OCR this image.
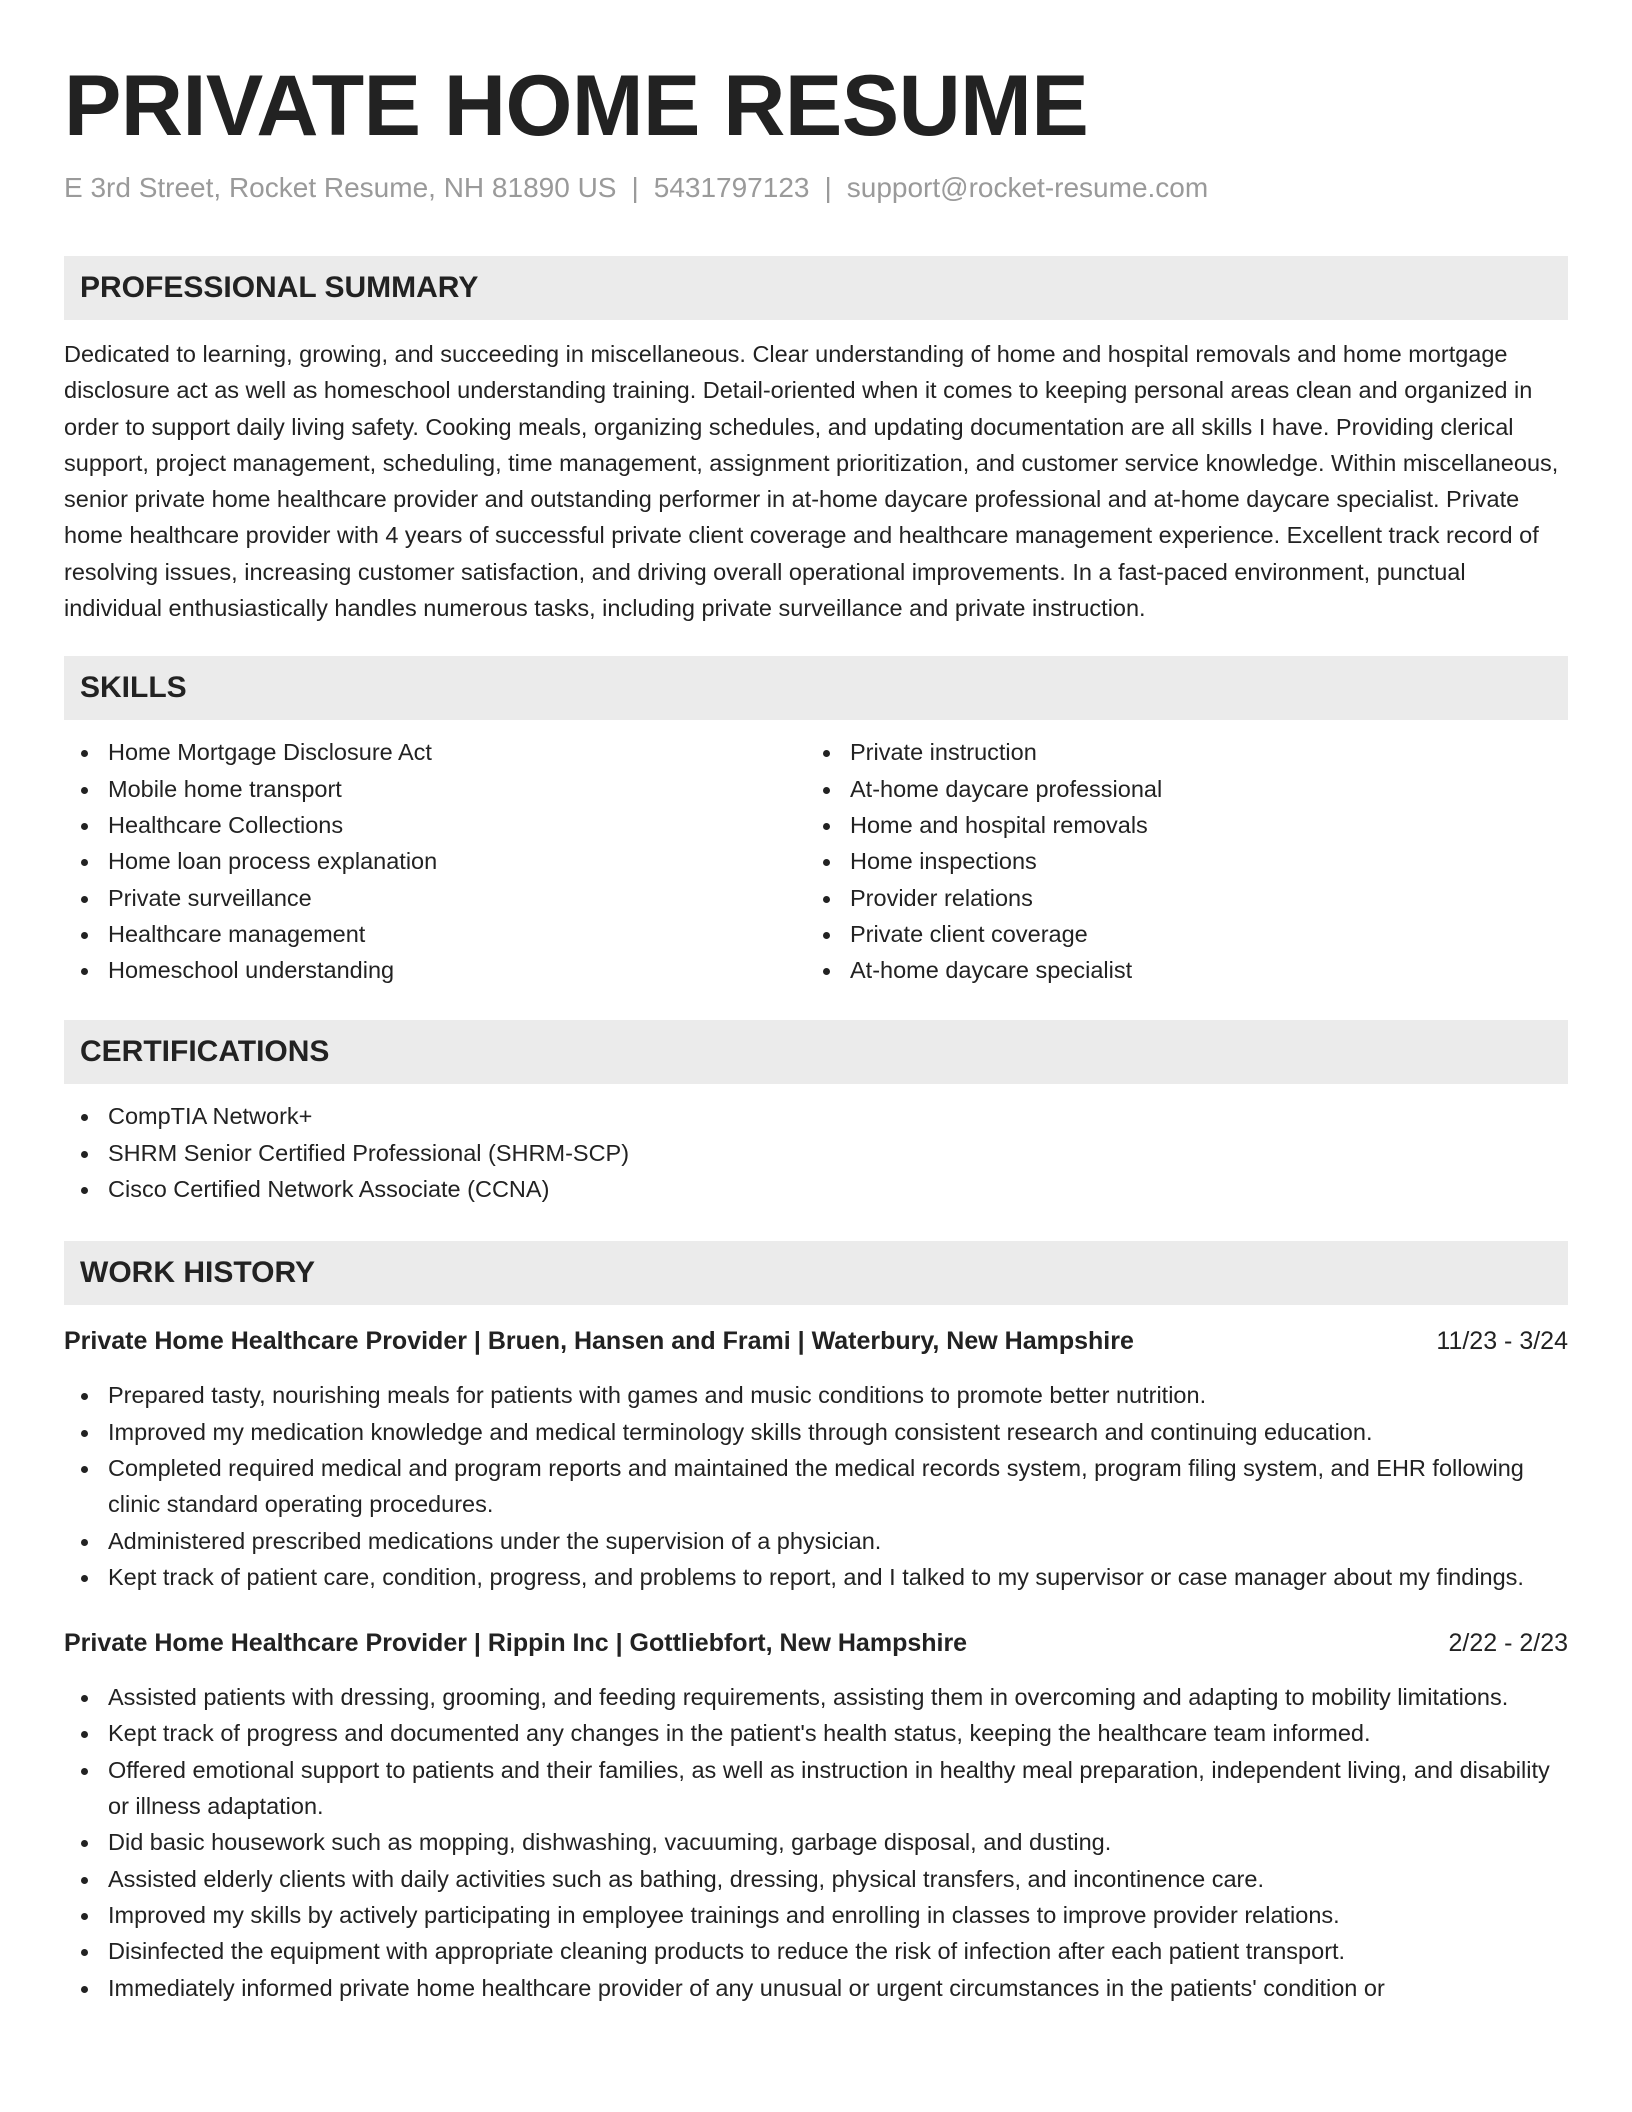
PRIVATE HOME RESUME
E 3rd Street, Rocket Resume, NH 81890 US | 5431797123 | support@rocket-resume.com
PROFESSIONAL SUMMARY
Dedicated to learning, growing, and succeeding in miscellaneous. Clear understanding of home and hospital removals and home mortgage disclosure act as well as homeschool understanding training. Detail-oriented when it comes to keeping personal areas clean and organized in order to support daily living safety. Cooking meals, organizing schedules, and updating documentation are all skills I have. Providing clerical support, project management, scheduling, time management, assignment prioritization, and customer service knowledge. Within miscellaneous, senior private home healthcare provider and outstanding performer in at-home daycare professional and at-home daycare specialist. Private home healthcare provider with 4 years of successful private client coverage and healthcare management experience. Excellent track record of resolving issues, increasing customer satisfaction, and driving overall operational improvements. In a fast-paced environment, punctual individual enthusiastically handles numerous tasks, including private surveillance and private instruction.
SKILLS
Home Mortgage Disclosure Act
Mobile home transport
Healthcare Collections
Home loan process explanation
Private surveillance
Healthcare management
Homeschool understanding
Private instruction
At-home daycare professional
Home and hospital removals
Home inspections
Provider relations
Private client coverage
At-home daycare specialist
CERTIFICATIONS
CompTIA Network+
SHRM Senior Certified Professional (SHRM-SCP)
Cisco Certified Network Associate (CCNA)
WORK HISTORY
Private Home Healthcare Provider | Bruen, Hansen and Frami | Waterbury, New Hampshire	11/23 - 3/24
Prepared tasty, nourishing meals for patients with games and music conditions to promote better nutrition.
Improved my medication knowledge and medical terminology skills through consistent research and continuing education.
Completed required medical and program reports and maintained the medical records system, program filing system, and EHR following clinic standard operating procedures.
Administered prescribed medications under the supervision of a physician.
Kept track of patient care, condition, progress, and problems to report, and I talked to my supervisor or case manager about my findings.
Private Home Healthcare Provider | Rippin Inc | Gottliebfort, New Hampshire	2/22 - 2/23
Assisted patients with dressing, grooming, and feeding requirements, assisting them in overcoming and adapting to mobility limitations.
Kept track of progress and documented any changes in the patient's health status, keeping the healthcare team informed.
Offered emotional support to patients and their families, as well as instruction in healthy meal preparation, independent living, and disability or illness adaptation.
Did basic housework such as mopping, dishwashing, vacuuming, garbage disposal, and dusting.
Assisted elderly clients with daily activities such as bathing, dressing, physical transfers, and incontinence care.
Improved my skills by actively participating in employee trainings and enrolling in classes to improve provider relations.
Disinfected the equipment with appropriate cleaning products to reduce the risk of infection after each patient transport.
Immediately informed private home healthcare provider of any unusual or urgent circumstances in the patients' condition or
